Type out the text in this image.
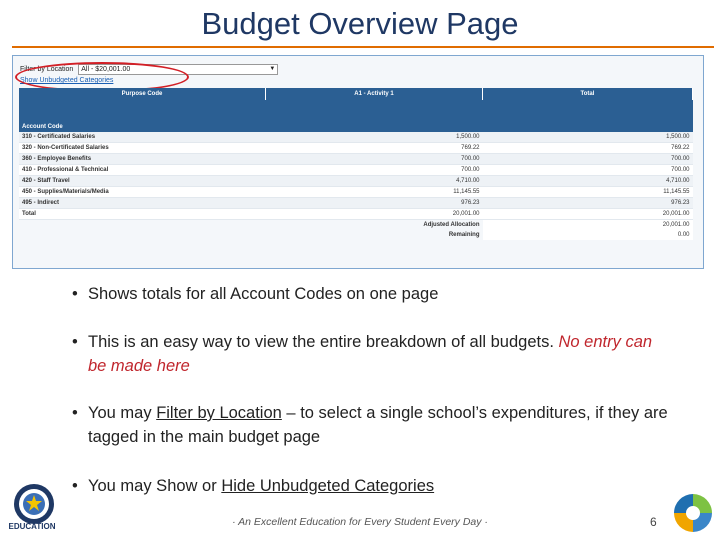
Budget Overview Page
Filter by Location All - $20,001.00	▼
Show Unbudgeted Categories
Purpose Code	A1 - Activity 1	Total

Account Code		
310 - Certificated Salaries	1,500.00	1,500.00
320 - Non-Certificated Salaries	769.22	769.22
360 - Employee Benefits	700.00	700.00
410 - Professional & Technical	700.00	700.00
420 - Staff Travel	4,710.00	4,710.00
450 - Supplies/Materials/Media	11,145.55	11,145.55
495 - Indirect	976.23	976.23
Total	20,001.00	20,001.00
	Adjusted Allocation	20,001.00
	Remaining	0.00
• Shows totals for all Account Codes on one page
• This is an easy way to view the entire breakdown of all budgets. No entry can be made here
• You may Filter by Location – to select a single school’s expenditures, if they are tagged in the main budget page
• You may Show or Hide Unbudgeted Categories
EDUCATION	· An Excellent Education for Every Student Every Day ·	6
